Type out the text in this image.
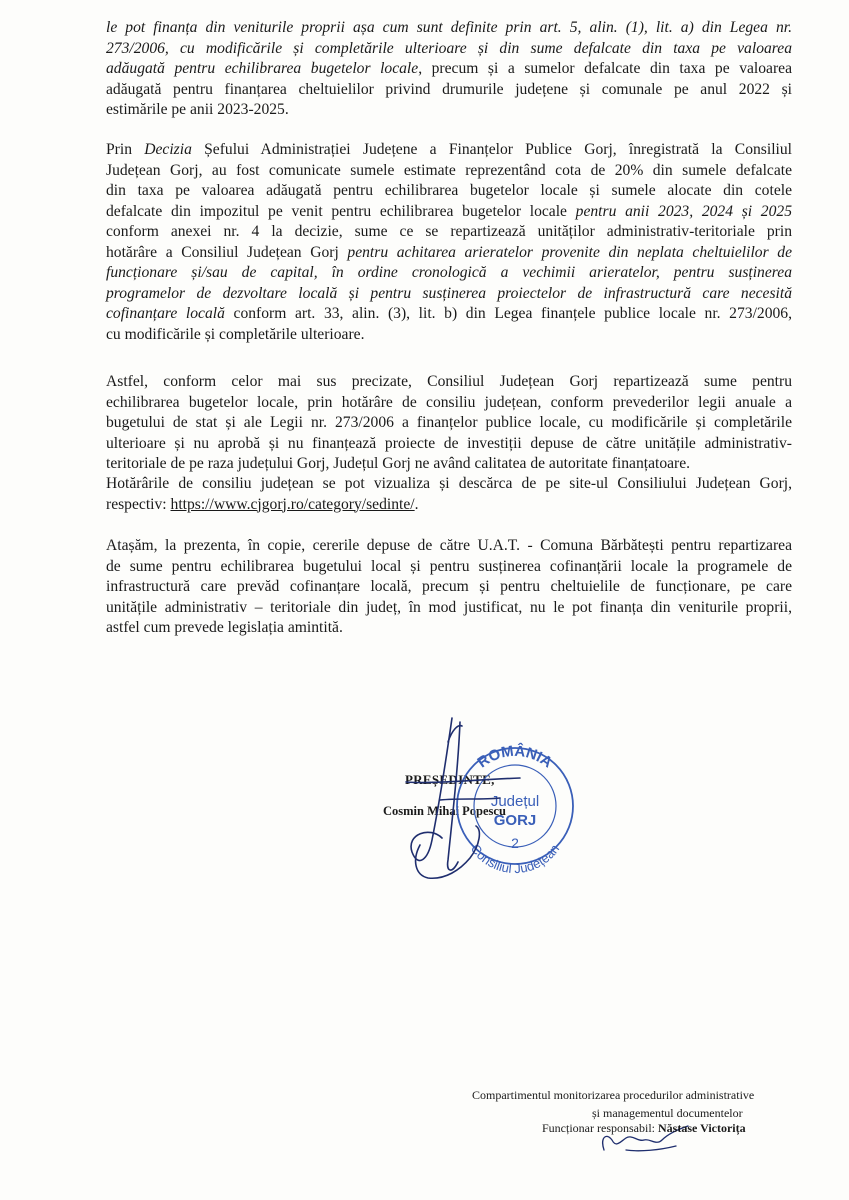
le pot finanța din veniturile proprii așa cum sunt definite prin art. 5, alin. (1), lit. a) din Legea nr.
273/2006, cu modificările și completările ulterioare și din sume defalcate din taxa pe valoarea
adăugată pentru echilibrarea bugetelor locale, precum și a sumelor defalcate din taxa pe valoarea
adăugată pentru finanțarea cheltuielilor privind drumurile județene și comunale pe anul 2022 și
estimările pe anii 2023-2025.
Prin Decizia Șefului Administrației Județene a Finanțelor Publice Gorj, înregistrată la Consiliul
Județean Gorj, au fost comunicate sumele estimate reprezentând cota de 20% din sumele defalcate
din taxa pe valoarea adăugată pentru echilibrarea bugetelor locale și sumele alocate din cotele
defalcate din impozitul pe venit pentru echilibrarea bugetelor locale pentru anii 2023, 2024 și 2025
conform anexei nr. 4 la decizie, sume ce se repartizează unităților administrativ-teritoriale prin
hotărâre a Consiliul Județean Gorj pentru achitarea arieratelor provenite din neplata cheltuielilor de
funcționare și/sau de capital, în ordine cronologică a vechimii arieratelor, pentru susținerea
programelor de dezvoltare locală și pentru susținerea proiectelor de infrastructură care necesită
cofinanțare locală conform art. 33, alin. (3), lit. b) din Legea finanțele publice locale nr. 273/2006,
cu modificările și completările ulterioare.
Astfel, conform celor mai sus precizate, Consiliul Județean Gorj repartizează sume pentru
echilibrarea bugetelor locale, prin hotărâre de consiliu județean, conform prevederilor legii anuale a
bugetului de stat și ale Legii nr. 273/2006 a finanțelor publice locale, cu modificările și completările
ulterioare și nu aprobă și nu finanțează proiecte de investiții depuse de către unitățile administrativ-
teritoriale de pe raza județului Gorj, Județul Gorj ne având calitatea de autoritate finanțatoare.
Hotărârile de consiliu județean se pot vizualiza și descărca de pe site-ul Consiliului Județean Gorj,
respectiv: https://www.cjgorj.ro/category/sedinte/.
Atașăm, la prezenta, în copie, cererile depuse de către U.A.T. - Comuna Bărbătești pentru repartizarea
de sume pentru echilibrarea bugetului local și pentru susținerea cofinanțării locale la programele de
infrastructură care prevăd cofinanțare locală, precum și pentru cheltuielile de funcționare, pe care
unitățile administrativ – teritoriale din județ, în mod justificat, nu le pot finanța din veniturile proprii,
astfel cum prevede legislația amintită.
PREȘEDINTE,
Cosmin Mihai Popescu
ROMÂNIA
Județul
GORJ
2
Consiliul Județean
Compartimentul monitorizarea procedurilor administrative
și managementul documentelor
Funcționar responsabil: Năstase Victorița
